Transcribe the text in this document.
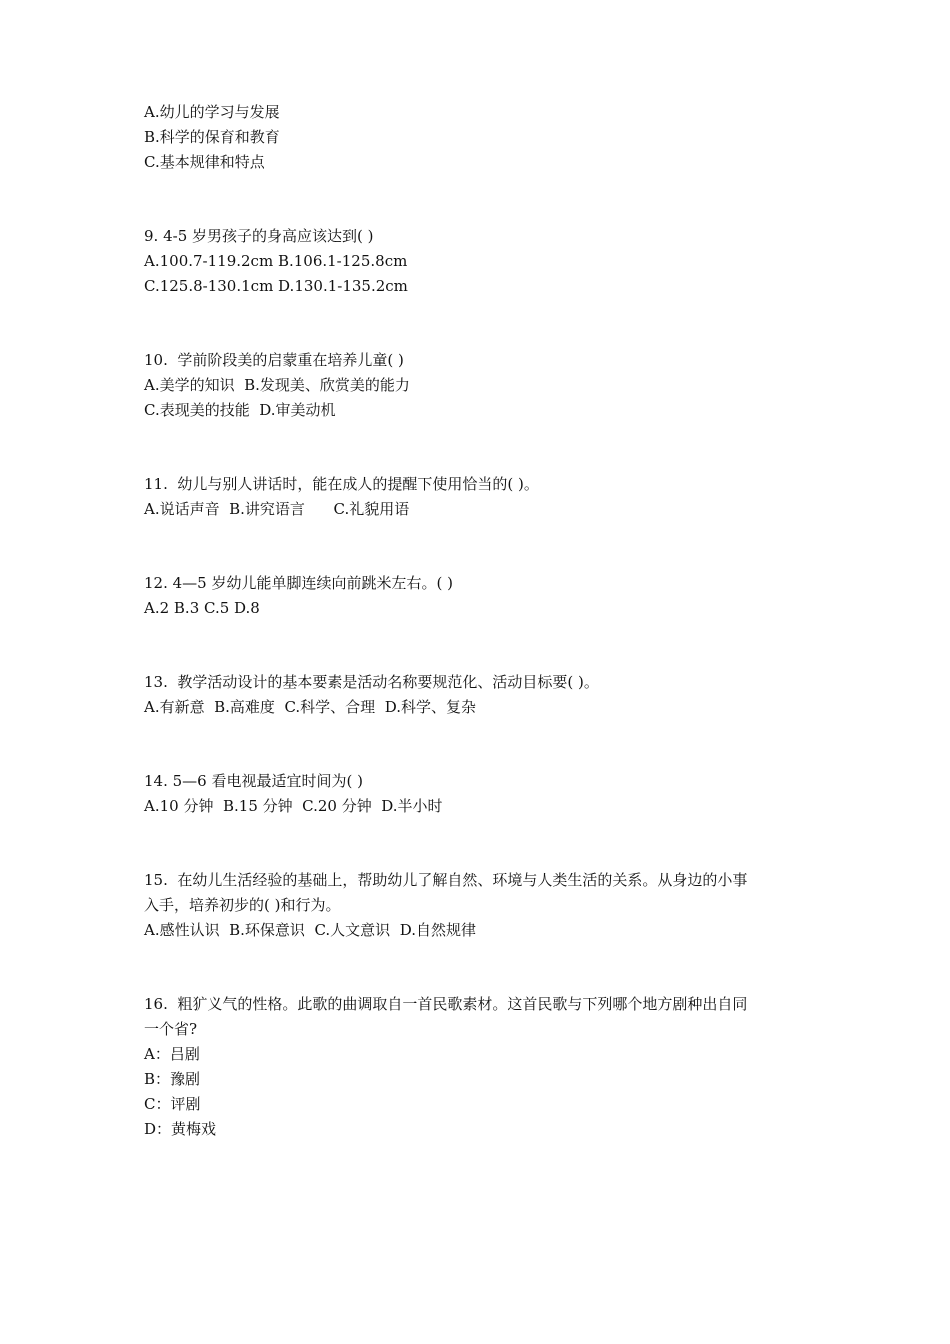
A.幼儿的学习与发展
B.科学的保育和教育
C.基本规律和特点
9. 4-5 岁男孩子的身高应该达到( )
A.100.7-119.2cm B.106.1-125.8cm
C.125.8-130.1cm D.130.1-135.2cm
10.  学前阶段美的启蒙重在培养儿童( )
A.美学的知识  B.发现美、欣赏美的能力
C.表现美的技能  D.审美动机
11.  幼儿与别人讲话时，能在成人的提醒下使用恰当的( )。
A.说话声音  B.讲究语言      C.礼貌用语
12. 4—5 岁幼儿能单脚连续向前跳米左右。( )
A.2 B.3 C.5 D.8
13.  教学活动设计的基本要素是活动名称要规范化、活动目标要( )。
A.有新意  B.高难度  C.科学、合理  D.科学、复杂
14. 5—6 看电视最适宜时间为( )
A.10 分钟  B.15 分钟  C.20 分钟  D.半小时
15.  在幼儿生活经验的基础上，帮助幼儿了解自然、环境与人类生活的关系。从身边的小事
入手，培养初步的( )和行为。
A.感性认识  B.环保意识  C.人文意识  D.自然规律
16.  粗犷义气的性格。此歌的曲调取自一首民歌素材。这首民歌与下列哪个地方剧种出自同
一个省?
A：吕剧
B：豫剧
C：评剧
D：黄梅戏
